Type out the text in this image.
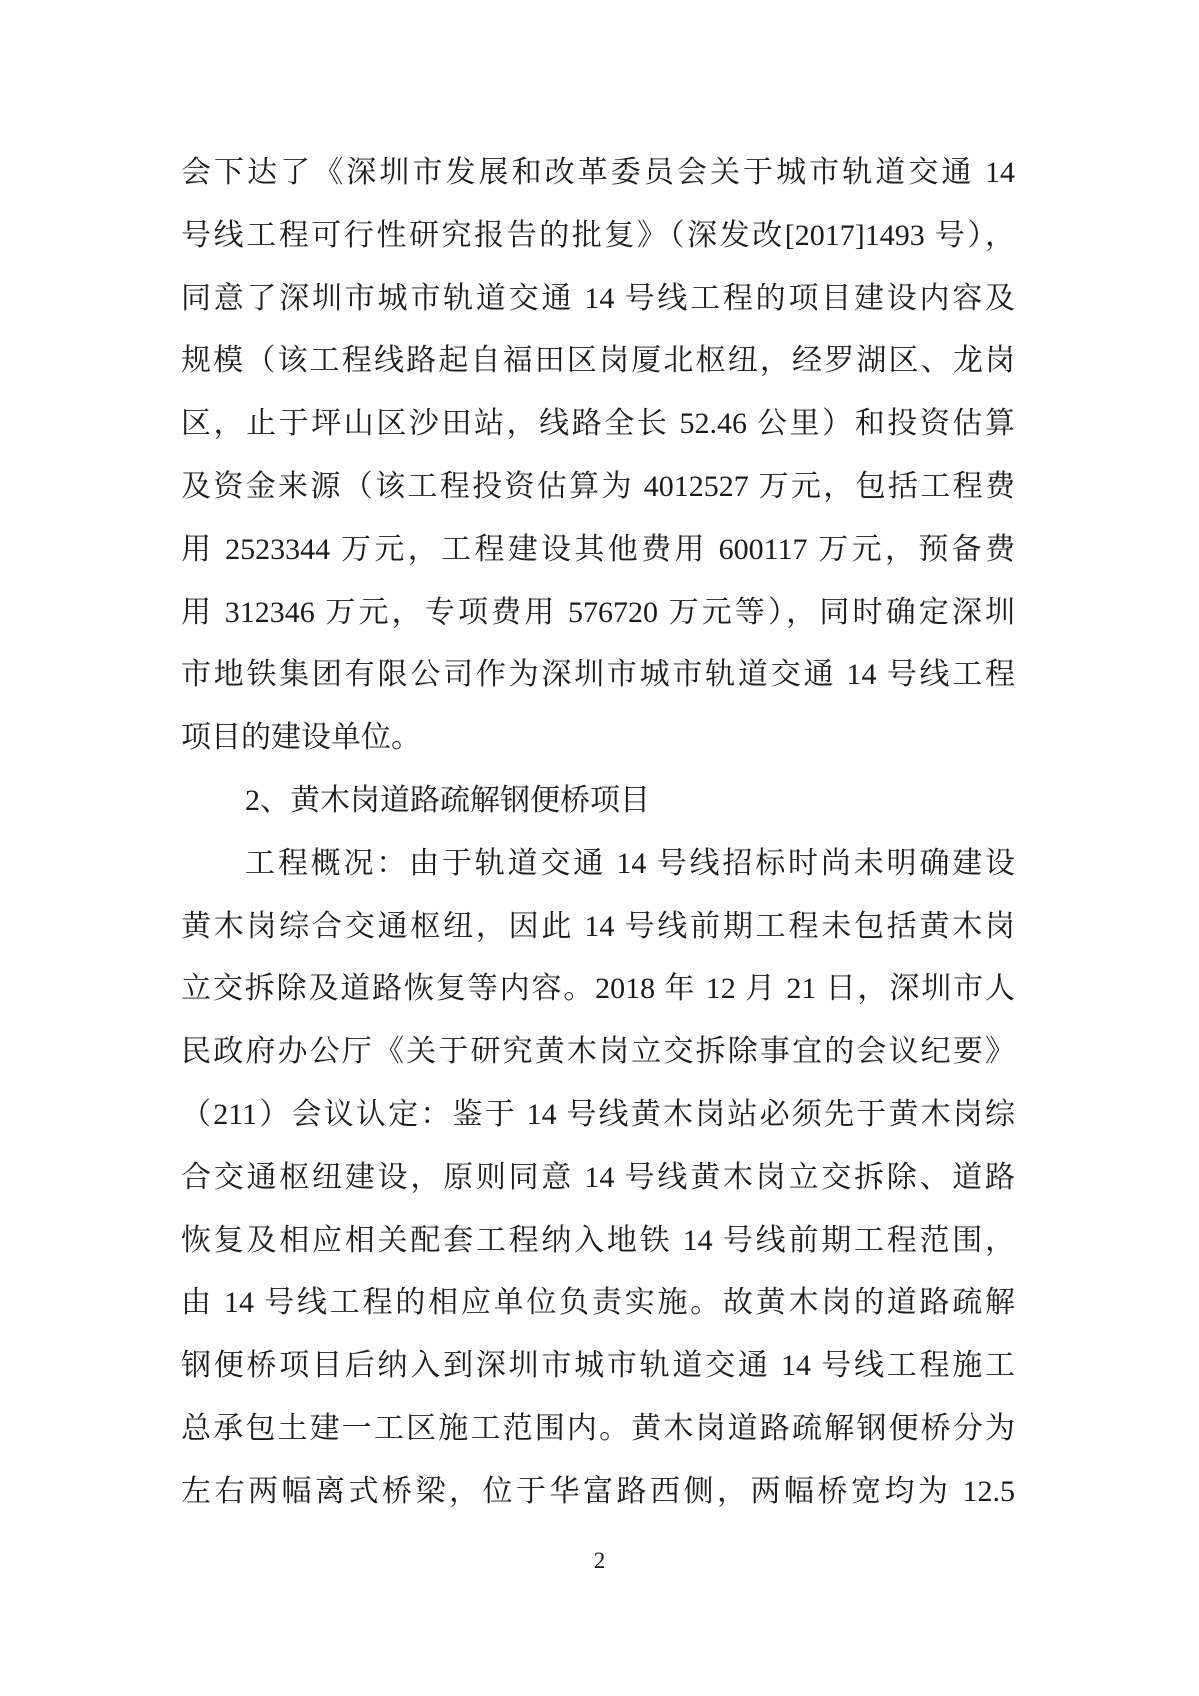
会下达了《深圳市发展和改革委员会关于城市轨道交通 14
号线工程可行性研究报告的批复》（深发改[2017]1493 号），
同意了深圳市城市轨道交通 14 号线工程的项目建设内容及
规模（该工程线路起自福田区岗厦北枢纽，经罗湖区、龙岗
区，止于坪山区沙田站，线路全长 52.46 公里）和投资估算
及资金来源（该工程投资估算为 4012527 万元，包括工程费
用 2523344 万元，工程建设其他费用 600117 万元，预备费
用 312346 万元，专项费用 576720 万元等），同时确定深圳
市地铁集团有限公司作为深圳市城市轨道交通 14 号线工程
项目的建设单位。
2、黄木岗道路疏解钢便桥项目
工程概况：由于轨道交通 14 号线招标时尚未明确建设
黄木岗综合交通枢纽，因此 14 号线前期工程未包括黄木岗
立交拆除及道路恢复等内容。2018 年 12 月 21 日，深圳市人
民政府办公厅《关于研究黄木岗立交拆除事宜的会议纪要》
（211）会议认定：鉴于 14 号线黄木岗站必须先于黄木岗综
合交通枢纽建设，原则同意 14 号线黄木岗立交拆除、道路
恢复及相应相关配套工程纳入地铁 14 号线前期工程范围，
由 14 号线工程的相应单位负责实施。故黄木岗的道路疏解
钢便桥项目后纳入到深圳市城市轨道交通 14 号线工程施工
总承包土建一工区施工范围内。黄木岗道路疏解钢便桥分为
左右两幅离式桥梁，位于华富路西侧，两幅桥宽均为 12.5
2
